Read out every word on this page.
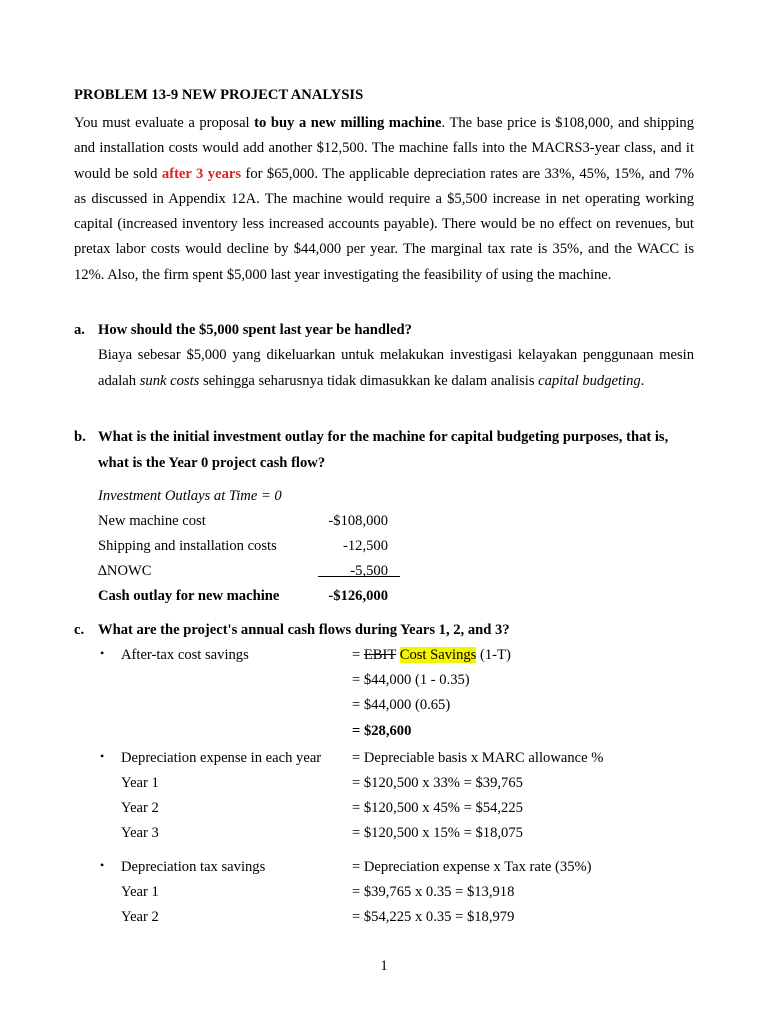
PROBLEM 13-9 NEW PROJECT ANALYSIS
You must evaluate a proposal to buy a new milling machine. The base price is $108,000, and shipping and installation costs would add another $12,500. The machine falls into the MACRS3-year class, and it would be sold after 3 years for $65,000. The applicable depreciation rates are 33%, 45%, 15%, and 7% as discussed in Appendix 12A. The machine would require a $5,500 increase in net operating working capital (increased inventory less increased accounts payable). There would be no effect on revenues, but pretax labor costs would decline by $44,000 per year. The marginal tax rate is 35%, and the WACC is 12%. Also, the firm spent $5,000 last year investigating the feasibility of using the machine.
a. How should the $5,000 spent last year be handled?
Biaya sebesar $5,000 yang dikeluarkan untuk melakukan investigasi kelayakan penggunaan mesin adalah sunk costs sehingga seharusnya tidak dimasukkan ke dalam analisis capital budgeting.
b. What is the initial investment outlay for the machine for capital budgeting purposes, that is, what is the Year 0 project cash flow?
Investment Outlays at Time = 0
New machine cost	-$108,000
Shipping and installation costs	-12,500
∆NOWC	-5,500
Cash outlay for new machine	-$126,000
c. What are the project's annual cash flows during Years 1, 2, and 3?
• After-tax cost savings	= EBIT Cost Savings (1-T)
= $44,000 (1 - 0.35)
= $44,000 (0.65)
= $28,600
• Depreciation expense in each year = Depreciable basis x MARC allowance %
Year 1	= $120,500 x 33% = $39,765
Year 2	= $120,500 x 45% = $54,225
Year 3	= $120,500 x 15% = $18,075
• Depreciation tax savings	= Depreciation expense x Tax rate (35%)
Year 1	= $39,765 x 0.35 = $13,918
Year 2	= $54,225 x 0.35 = $18,979
1
